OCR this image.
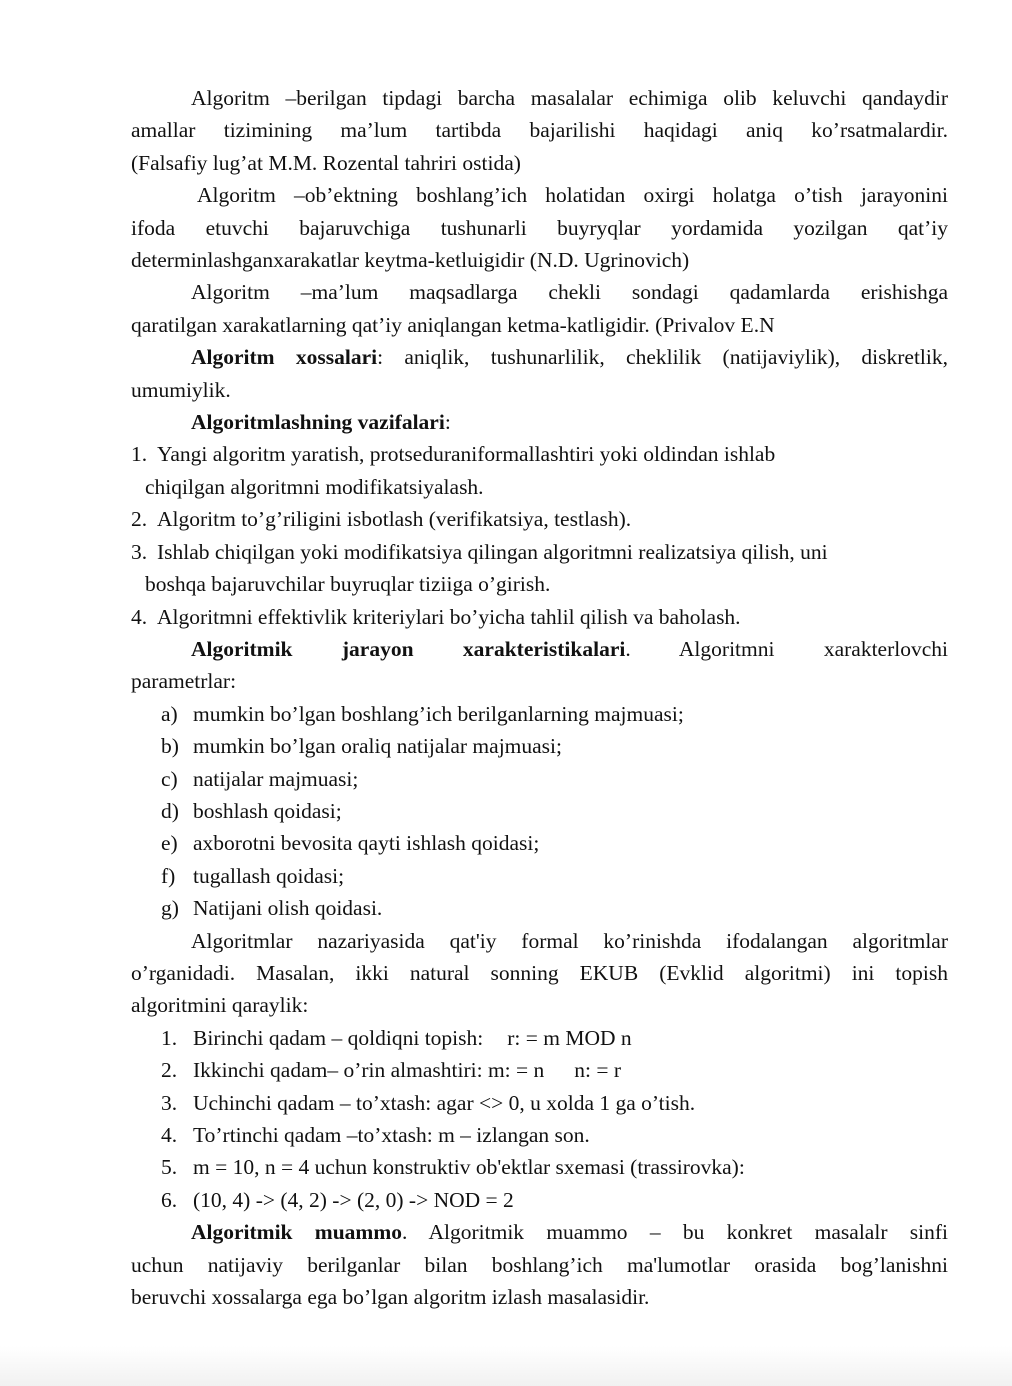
Algoritm –berilgan tipdagi barcha masalalar echimiga olib keluvchi qandaydir
amallar tizimining ma’lum tartibda bajarilishi haqidagi aniq ko’rsatmalardir.
(Falsafiy lug’at M.M. Rozental tahriri ostida)
Algoritm –ob’ektning boshlang’ich holatidan oxirgi holatga o’tish jarayonini
ifoda etuvchi bajaruvchiga tushunarli buyryqlar yordamida yozilgan qat’iy
determinlashganxarakatlar keytma-ketluigidir (N.D. Ugrinovich)
Algoritm –ma’lum maqsadlarga chekli sondagi qadamlarda erishishga
qaratilgan xarakatlarning qat’iy aniqlangan ketma-katligidir. (Privalov E.N
Algoritm xossalari: aniqlik, tushunarlilik, cheklilik (natijaviylik), diskretlik,
umumiylik.
Algoritmlashning vazifalari:
1. Yangi algoritm yaratish, protseduraniformallashtiri yoki oldindan ishlab
chiqilgan algoritmni modifikatsiyalash.
2. Algoritm to’g’riligini isbotlash (verifikatsiya, testlash).
3. Ishlab chiqilgan yoki modifikatsiya qilingan algoritmni realizatsiya qilish, uni
boshqa bajaruvchilar buyruqlar tiziiga o’girish.
4. Algoritmni effektivlik kriteriylari bo’yicha tahlil qilish va baholash.
Algoritmik jarayon xarakteristikalari. Algoritmni xarakterlovchi
parametrlar:
a) mumkin bo’lgan boshlang’ich berilganlarning majmuasi;
b) mumkin bo’lgan oraliq natijalar majmuasi;
c) natijalar majmuasi;
d) boshlash qoidasi;
e) axborotni bevosita qayti ishlash qoidasi;
f) tugallash qoidasi;
g) Natijani olish qoidasi.
Algoritmlar nazariyasida qat'iy formal ko’rinishda ifodalangan algoritmlar
o’rganidadi. Masalan, ikki natural sonning EKUB (Evklid algoritmi) ini topish
algoritmini qaraylik:
1. Birinchi qadam – qoldiqni topish: r: = m MOD n
2. Ikkinchi qadam– o’rin almashtiri: m: = n n: = r
3. Uchinchi qadam – to’xtash: agar <> 0, u xolda 1 ga o’tish.
4. To’rtinchi qadam –to’xtash: m – izlangan son.
5. m = 10, n = 4 uchun konstruktiv ob'ektlar sxemasi (trassirovka):
6. (10, 4) -> (4, 2) -> (2, 0) -> NOD = 2
Algoritmik muammo. Algoritmik muammo – bu konkret masalalr sinfi
uchun natijaviy berilganlar bilan boshlang’ich ma'lumotlar orasida bog’lanishni
beruvchi xossalarga ega bo’lgan algoritm izlash masalasidir.
